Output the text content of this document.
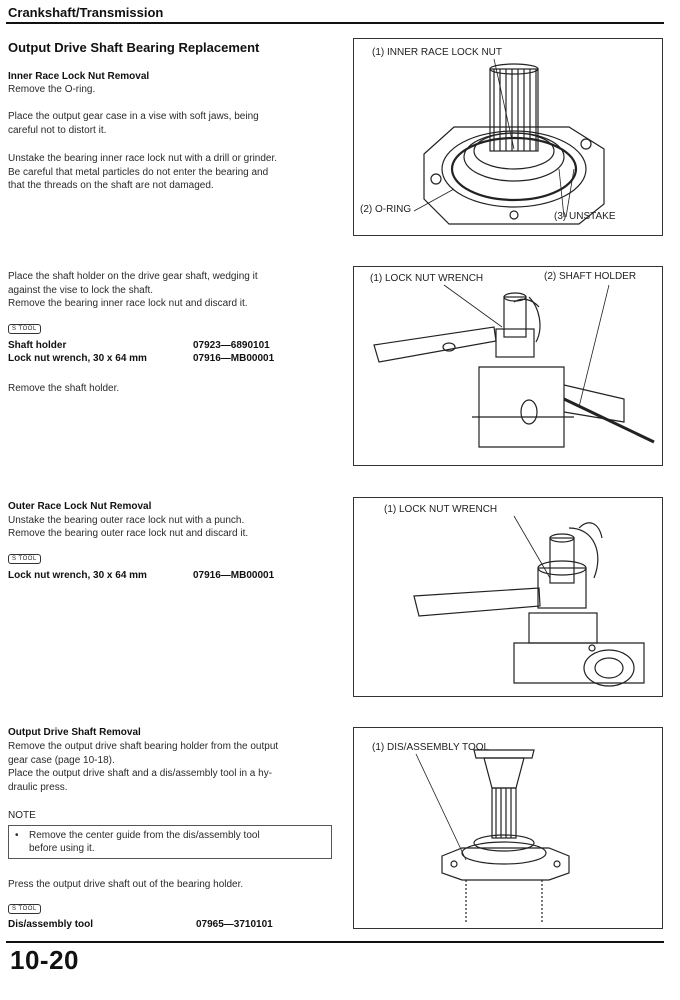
Crankshaft/Transmission
Output Drive Shaft Bearing Replacement
Inner Race Lock Nut Removal
Remove the O-ring.
Place the output gear case in a vise with soft jaws, being
careful not to distort it.
Unstake the bearing inner race lock nut with a drill or grinder.
Be careful that metal particles do not enter the bearing and
that the threads on the shaft are not damaged.
(1) INNER RACE LOCK NUT
(2) O-RING
(3) UNSTAKE
Place the shaft holder on the drive gear shaft, wedging it
against the vise to lock the shaft.
Remove the bearing inner race lock nut and discard it.
S TOOL
Shaft holder	07923—6890101
Lock nut wrench, 30 x 64 mm	07916—MB00001
Remove the shaft holder.
(1) LOCK NUT WRENCH	(2) SHAFT HOLDER
Outer Race Lock Nut Removal
Unstake the bearing outer race lock nut with a punch.
Remove the bearing outer race lock nut and discard it.
S TOOL
Lock nut wrench, 30 x 64 mm	07916—MB00001
(1) LOCK NUT WRENCH
Output Drive Shaft Removal
Remove the output drive shaft bearing holder from the output
gear case (page 10-18).
Place the output drive shaft and a dis/assembly tool in a hy-
draulic press.
NOTE
•	Remove the center guide from the dis/assembly tool
before using it.
Press the output drive shaft out of the bearing holder.
S TOOL
Dis/assembly tool	07965—3710101
(1) DIS/ASSEMBLY TOOL
10-20
